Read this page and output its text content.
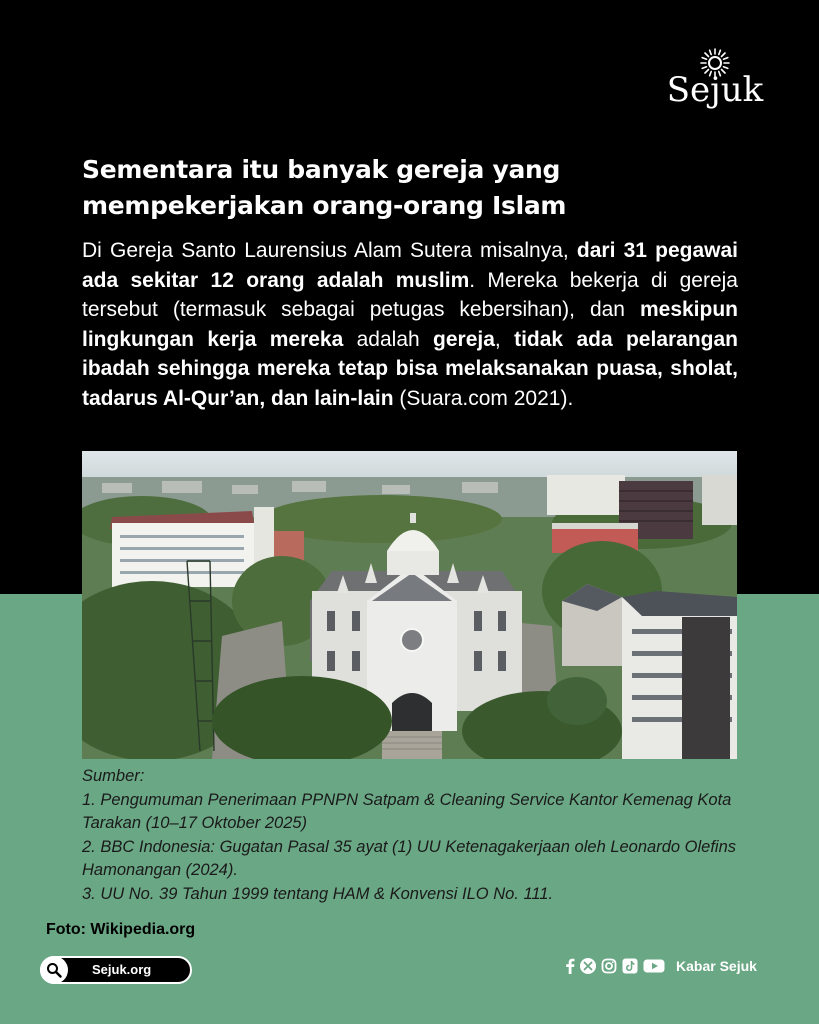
Sejuk
Sementara itu banyak gereja yang mempekerjakan orang-orang Islam

Di Gereja Santo Laurensius Alam Sutera misalnya, dari 31 pegawai ada sekitar 12 orang adalah muslim. Mereka bekerja di gereja tersebut (termasuk sebagai petugas kebersihan), dan meskipun lingkungan kerja mereka adalah gereja, tidak ada pelarangan ibadah sehingga mereka tetap bisa melaksanakan puasa, sholat, tadarus Al-Qur’an, dan lain-lain (Suara.com 2021).

Sumber:

1. Pengumuman Penerimaan PPNPN Satpam & Cleaning Service Kantor Kemenag Kota Tarakan (10–17 Oktober 2025)

2. BBC Indonesia: Gugatan Pasal 35 ayat (1) UU Ketenagakerjaan oleh Leonardo Olefins Hamonangan (2024).

3. UU No. 39 Tahun 1999 tentang HAM & Konvensi ILO No. 111.

Foto: Wikipedia.org
Sejuk.org	Kabar Sejuk
